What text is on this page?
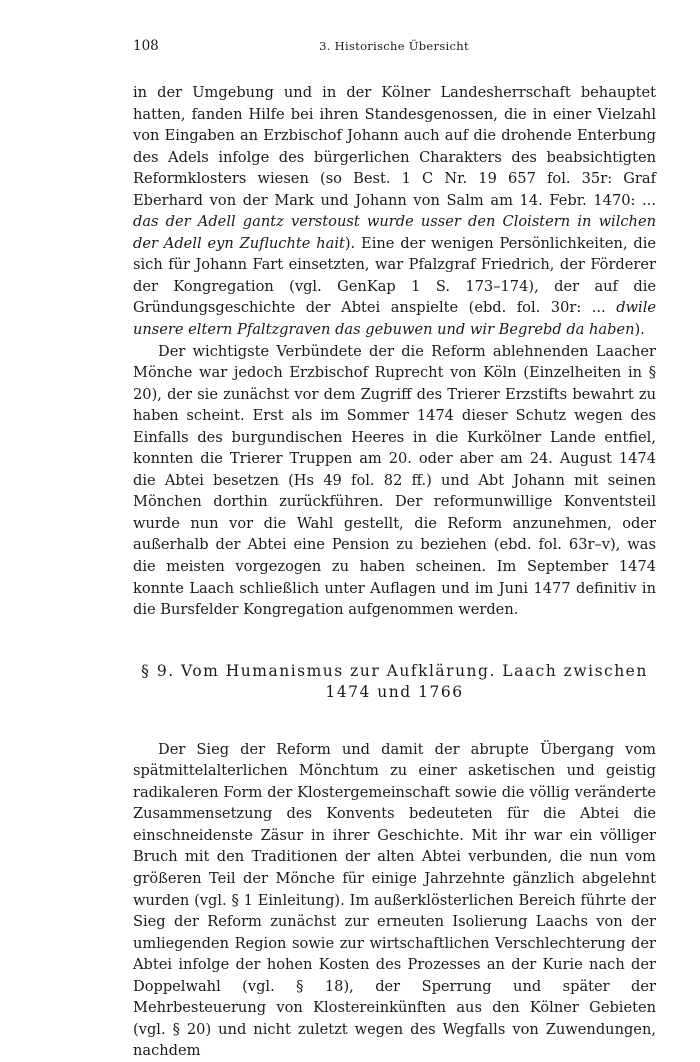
108	3. Historische Übersicht

in der Umgebung und in der Kölner Landesherrschaft behauptet hatten, fanden Hilfe bei ihren Standesgenossen, die in einer Vielzahl von Eingaben an Erzbischof Johann auch auf die drohende Enterbung des Adels infolge des bürgerlichen Charakters des beabsichtigten Reformklosters wiesen (so Best. 1 C Nr. 19 657 fol. 35r: Graf Eberhard von der Mark und Johann von Salm am 14. Febr. 1470: ... das der Adell gantz verstoust wurde usser den Cloistern in wilchen der Adell eyn Zufluchte hait). Eine der wenigen Persönlichkeiten, die sich für Johann Fart einsetzten, war Pfalzgraf Friedrich, der Förderer der Kongregation (vgl. GenKap 1 S. 173–174), der auf die Gründungsgeschichte der Abtei anspielte (ebd. fol. 30r: ... dwile unsere eltern Pfaltzgraven das gebuwen und wir Begrebd da haben).

Der wichtigste Verbündete der die Reform ablehnenden Laacher Mönche war jedoch Erzbischof Ruprecht von Köln (Einzelheiten in § 20), der sie zunächst vor dem Zugriff des Trierer Erzstifts bewahrt zu haben scheint. Erst als im Sommer 1474 dieser Schutz wegen des Einfalls des burgundischen Heeres in die Kurkölner Lande entfiel, konnten die Trierer Truppen am 20. oder aber am 24. August 1474 die Abtei besetzen (Hs 49 fol. 82 ff.) und Abt Johann mit seinen Mönchen dorthin zurückführen. Der reformunwillige Konventsteil wurde nun vor die Wahl gestellt, die Reform anzunehmen, oder außerhalb der Abtei eine Pension zu beziehen (ebd. fol. 63r–v), was die meisten vorgezogen zu haben scheinen. Im September 1474 konnte Laach schließlich unter Auflagen und im Juni 1477 definitiv in die Bursfelder Kongregation aufgenommen werden.

§ 9. Vom Humanismus zur Aufklärung. Laach zwischen 1474 und 1766

Der Sieg der Reform und damit der abrupte Übergang vom spätmittelalterlichen Mönchtum zu einer asketischen und geistig radikaleren Form der Klostergemeinschaft sowie die völlig veränderte Zusammensetzung des Konvents bedeuteten für die Abtei die einschneidenste Zäsur in ihrer Geschichte. Mit ihr war ein völliger Bruch mit den Traditionen der alten Abtei verbunden, die nun vom größeren Teil der Mönche für einige Jahrzehnte gänzlich abgelehnt wurden (vgl. § 1 Einleitung). Im außerklösterlichen Bereich führte der Sieg der Reform zunächst zur erneuten Isolierung Laachs von der umliegenden Region sowie zur wirtschaftlichen Verschlechterung der Abtei infolge der hohen Kosten des Prozesses an der Kurie nach der Doppelwahl (vgl. § 18), der Sperrung und später der Mehrbesteuerung von Klostereinkünften aus den Kölner Gebieten (vgl. § 20) und nicht zuletzt wegen des Wegfalls von Zuwendungen, nachdem
